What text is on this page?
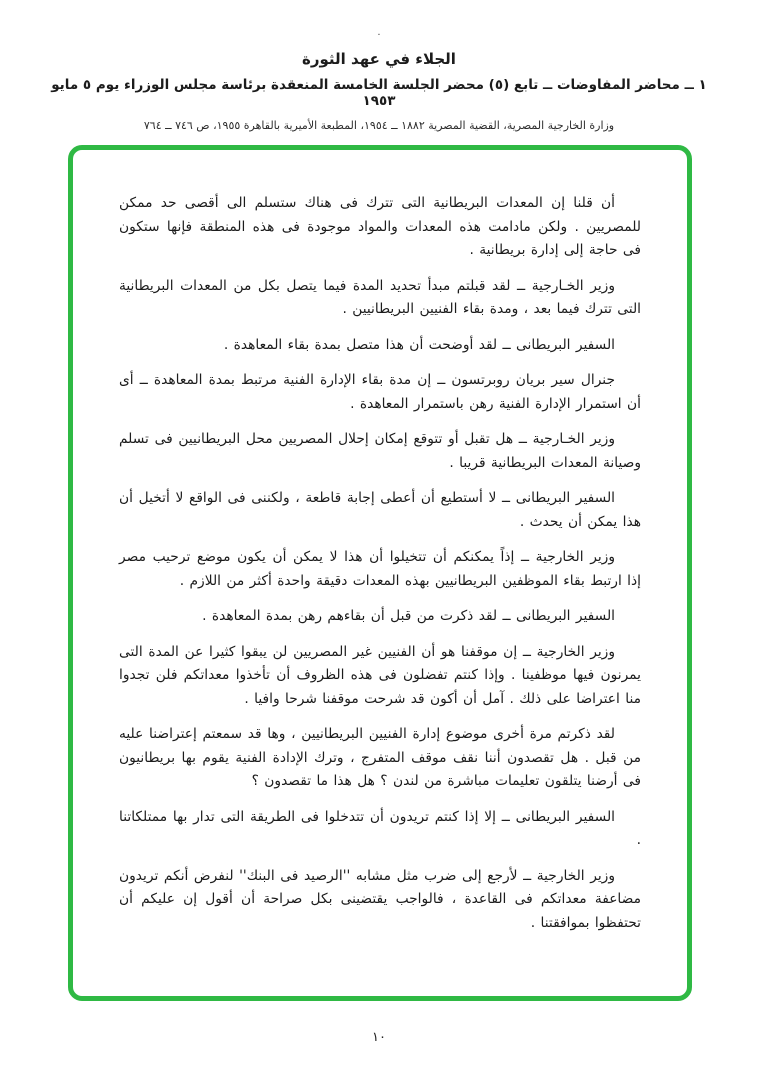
·
الجلاء في عهد الثورة
١ ــ محاضر المفاوضات ــ تابع (٥) محضر الجلسة الخامسة المنعقدة برئاسة مجلس الوزراء يوم ٥ مايو ١٩٥٣
وزارة الخارجية المصرية، القضية المصرية ١٨٨٢ ــ ١٩٥٤، المطبعة الأميرية بالقاهرة ١٩٥٥، ص ٧٤٦ ــ ٧٦٤

أن قلنا إن المعدات البريطانية التى تترك فى هناك ستسلم الى أقصى حد ممكن للمصريين . ولكن مادامت هذه المعدات والمواد موجودة فى هذه المنطقة فإنها ستكون فى حاجة إلى إدارة بريطانية .

وزير الخـارجية ــ لقد قبلتم مبدأ تحديد المدة فيما يتصل بكل من المعدات البريطانية التى تترك فيما بعد ، ومدة بقاء الفنيين البريطانيين .

السفير البريطانى ــ لقد أوضحت أن هذا متصل بمدة بقاء المعاهدة .

جنرال سير بريان روبرتسون ــ إن مدة بقاء الإدارة الفنية مرتبط بمدة المعاهدة ــ أى أن استمرار الإدارة الفنية رهن باستمرار المعاهدة .

وزير الخـارجية ــ هل تقبل أو تتوقع إمكان إحلال المصريين محل البريطانيين فى تسلم وصيانة المعدات البريطانية قريبا .

السفير البريطانى ــ لا أستطيع أن أعطى إجابة قاطعة ، ولكننى فى الواقع لا أتخيل أن هذا يمكن أن يحدث .

وزير الخارجية ــ إذاً يمكنكم أن تتخيلوا أن هذا لا يمكن أن يكون موضع ترحيب مصر إذا ارتبط بقاء الموظفين البريطانيين بهذه المعدات دقيقة واحدة أكثر من اللازم .

السفير البريطانى ــ لقد ذكرت من قبل أن بقاءهم رهن بمدة المعاهدة .

وزير الخارجية ــ إن موقفنا هو أن الفنيين غير المصريين لن يبقوا كثيرا عن المدة التى يمرنون فيها موظفينا . وإذا كنتم تفضلون فى هذه الظروف أن تأخذوا معداتكم فلن تجدوا منا اعتراضا على ذلك . آمل أن أكون قد شرحت موقفنا شرحا وافيا .

لقد ذكرتم مرة أخرى موضوع إدارة الفنيين البريطانيين ، وها قد سمعتم إعتراضنا عليه من قبل . هل تقصدون أننا نقف موقف المتفرج ، وترك الإدادة الفنية يقوم بها بريطانيون فى أرضنا يتلقون تعليمات مباشرة من لندن ؟ هل هذا ما تقصدون ؟

السفير البريطانى ــ إلا إذا كنتم تريدون أن تتدخلوا فى الطريقة التى تدار بها ممتلكاتنا .

وزير الخارجية ــ لأرجع إلى ضرب مثل مشابه ''الرصيد فى البنك'' لنفرض أنكم تريدون مضاعفة معداتكم فى القاعدة ، فالواجب يقتضينى بكل صراحة أن أقول إن عليكم أن تحتفظوا بموافقتنا .

١٠
